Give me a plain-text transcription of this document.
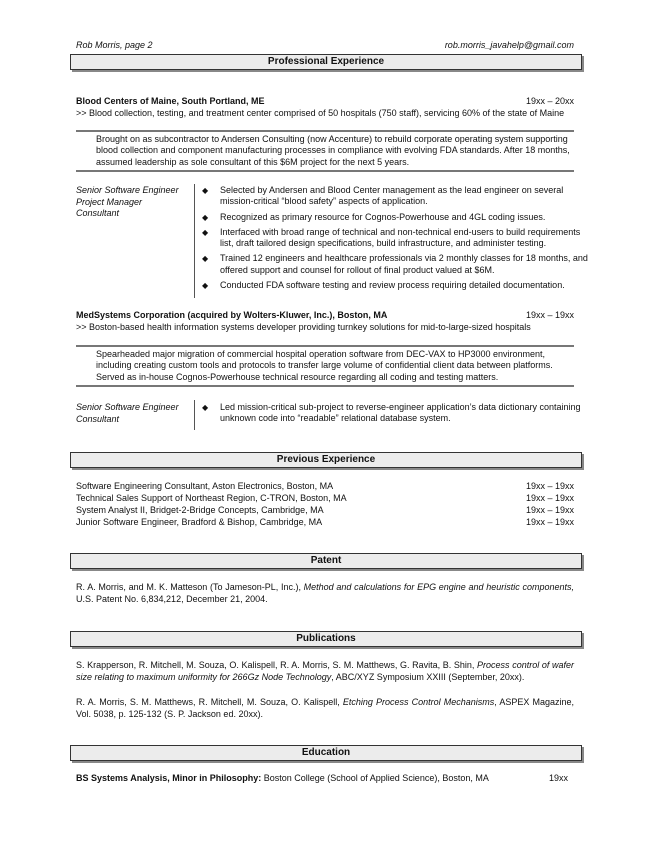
Rob Morris, page 2	rob.morris_javahelp@gmail.com
Professional Experience
Blood Centers of Maine, South Portland, ME	19xx – 20xx
>> Blood collection, testing, and treatment center comprised of 50 hospitals (750 staff), servicing 60% of the state of Maine
Brought on as subcontractor to Andersen Consulting (now Accenture) to rebuild corporate operating system supporting blood collection and component manufacturing processes in compliance with evolving FDA standards. After 18 months, assumed leadership as sole consultant of this $6M project for the next 5 years.
Senior Software Engineer
Project Manager
Consultant
◆ Selected by Andersen and Blood Center management as the lead engineer on several mission-critical “blood safety” aspects of application.
◆ Recognized as primary resource for Cognos-Powerhouse and 4GL coding issues.
◆ Interfaced with broad range of technical and non-technical end-users to build requirements list, draft tailored design specifications, build infrastructure, and administer testing.
◆ Trained 12 engineers and healthcare professionals via 2 monthly classes for 18 months, and offered support and counsel for rollout of final product valued at $6M.
◆ Conducted FDA software testing and review process requiring detailed documentation.
MedSystems Corporation (acquired by Wolters-Kluwer, Inc.), Boston, MA	19xx – 19xx
>> Boston-based health information systems developer providing turnkey solutions for mid-to-large-sized hospitals
Spearheaded major migration of commercial hospital operation software from DEC-VAX to HP3000 environment, including creating custom tools and protocols to transfer large volume of confidential client data between platforms. Served as in-house Cognos-Powerhouse technical resource regarding all coding and testing matters.
Senior Software Engineer
Consultant
◆ Led mission-critical sub-project to reverse-engineer application’s data dictionary containing unknown code into “readable” relational database system.
Previous Experience
Software Engineering Consultant, Aston Electronics, Boston, MA	19xx – 19xx
Technical Sales Support of Northeast Region, C-TRON, Boston, MA	19xx – 19xx
System Analyst II, Bridget-2-Bridge Concepts, Cambridge, MA	19xx – 19xx
Junior Software Engineer, Bradford & Bishop, Cambridge, MA	19xx – 19xx
Patent
R. A. Morris, and M. K. Matteson (To Jameson-PL, Inc.), Method and calculations for EPG engine and heuristic components, U.S. Patent No. 6,834,212, December 21, 2004.
Publications
S. Krapperson, R. Mitchell, M. Souza, O. Kalispell, R. A. Morris, S. M. Matthews, G. Ravita, B. Shin, Process control of wafer size relating to maximum uniformity for 266Gz Node Technology, ABC/XYZ Symposium XXIII (September, 20xx).
R. A. Morris, S. M. Matthews, R. Mitchell, M. Souza, O. Kalispell, Etching Process Control Mechanisms, ASPEX Magazine, Vol. 5038, p. 125-132 (S. P. Jackson ed. 20xx).
Education
BS Systems Analysis, Minor in Philosophy: Boston College (School of Applied Science), Boston, MA	19xx
